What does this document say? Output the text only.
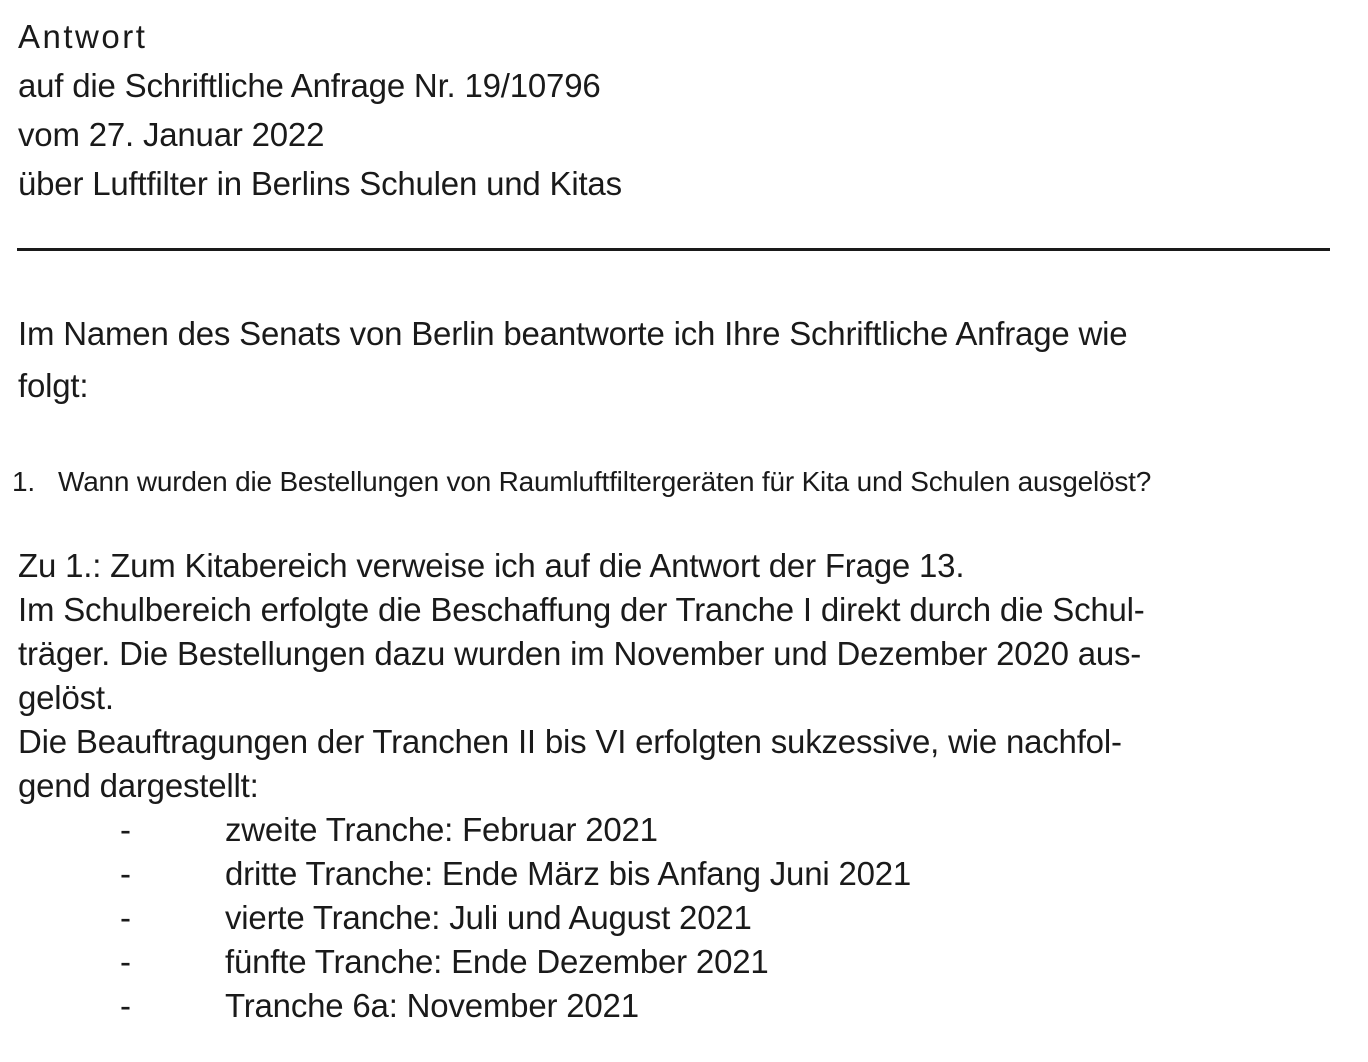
Antwort
auf die Schriftliche Anfrage Nr. 19/10796
vom 27. Januar 2022
über Luftfilter in Berlins Schulen und Kitas
Im Namen des Senats von Berlin beantworte ich Ihre Schriftliche Anfrage wie
folgt:
1. Wann wurden die Bestellungen von Raumluftfiltergeräten für Kita und Schulen ausgelöst?
Zu 1.: Zum Kitabereich verweise ich auf die Antwort der Frage 13.
Im Schulbereich erfolgte die Beschaffung der Tranche I direkt durch die Schul-
träger. Die Bestellungen dazu wurden im November und Dezember 2020 aus-
gelöst.
Die Beauftragungen der Tranchen II bis VI erfolgten sukzessive, wie nachfol-
gend dargestellt:
-	zweite Tranche: Februar 2021
-	dritte Tranche: Ende März bis Anfang Juni 2021
-	vierte Tranche: Juli und August 2021
-	fünfte Tranche: Ende Dezember 2021
-	Tranche 6a: November 2021
